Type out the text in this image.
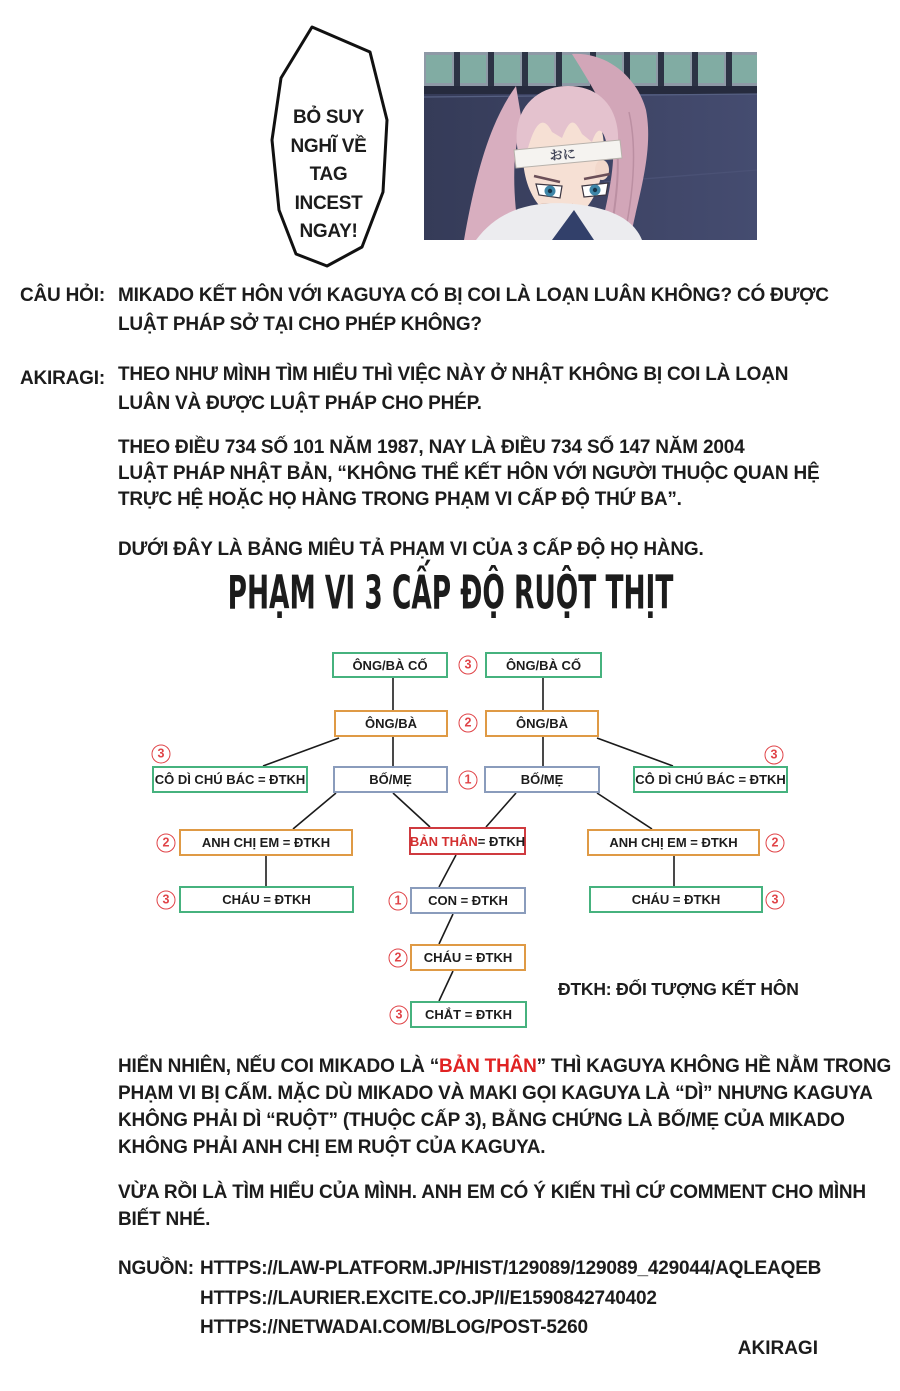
BỎ SUY
NGHĨ VỀ
TAG
INCEST
NGAY!
おに
CÂU HỎI: MIKADO KẾT HÔN VỚI KAGUYA CÓ BỊ COI LÀ LOẠN LUÂN KHÔNG? CÓ ĐƯỢC
LUẬT PHÁP SỞ TẠI CHO PHÉP KHÔNG?
AKIRAGI: THEO NHƯ MÌNH TÌM HIỂU THÌ VIỆC NÀY Ở NHẬT KHÔNG BỊ COI LÀ LOẠN
LUÂN VÀ ĐƯỢC LUẬT PHÁP CHO PHÉP.
THEO ĐIỀU 734 SỐ 101 NĂM 1987, NAY LÀ ĐIỀU 734 SỐ 147 NĂM 2004
LUẬT PHÁP NHẬT BẢN, “KHÔNG THỂ KẾT HÔN VỚI NGƯỜI THUỘC QUAN HỆ
TRỰC HỆ HOẶC HỌ HÀNG TRONG PHẠM VI CẤP ĐỘ THỨ BA”.
DƯỚI ĐÂY LÀ BẢNG MIÊU TẢ PHẠM VI CỦA 3 CẤP ĐỘ HỌ HÀNG.
PHẠM VI 3 CẤP ĐỘ RUỘT THỊT
ÔNG/BÀ CỐ	ÔNG/BÀ CỐ
ÔNG/BÀ	ÔNG/BÀ
CÔ DÌ CHÚ BÁC = ĐTKH	BỐ/MẸ	BỐ/MẸ	CÔ DÌ CHÚ BÁC = ĐTKH
ANH CHỊ EM = ĐTKH	BẢN THÂN = ĐTKH	ANH CHỊ EM = ĐTKH
CHÁU = ĐTKH	CON = ĐTKH	CHÁU = ĐTKH
CHÁU = ĐTKH
CHẮT = ĐTKH
3
2
1
3	3
2	2
3	1	3
2
3
ĐTKH: ĐỐI TƯỢNG KẾT HÔN
HIỂN NHIÊN, NẾU COI MIKADO LÀ “BẢN THÂN” THÌ KAGUYA KHÔNG HỀ NẰM TRONG
PHẠM VI BỊ CẤM. MẶC DÙ MIKADO VÀ MAKI GỌI KAGUYA LÀ “DÌ” NHƯNG KAGUYA
KHÔNG PHẢI DÌ “RUỘT” (THUỘC CẤP 3), BẰNG CHỨNG LÀ BỐ/MẸ CỦA MIKADO
KHÔNG PHẢI ANH CHỊ EM RUỘT CỦA KAGUYA.
VỪA RỒI LÀ TÌM HIỂU CỦA MÌNH. ANH EM CÓ Ý KIẾN THÌ CỨ COMMENT CHO MÌNH
BIẾT NHÉ.
NGUỒN: HTTPS://LAW-PLATFORM.JP/HIST/129089/129089_429044/AQLEAQEB
HTTPS://LAURIER.EXCITE.CO.JP/I/E1590842740402
HTTPS://NETWADAI.COM/BLOG/POST-5260
AKIRAGI
